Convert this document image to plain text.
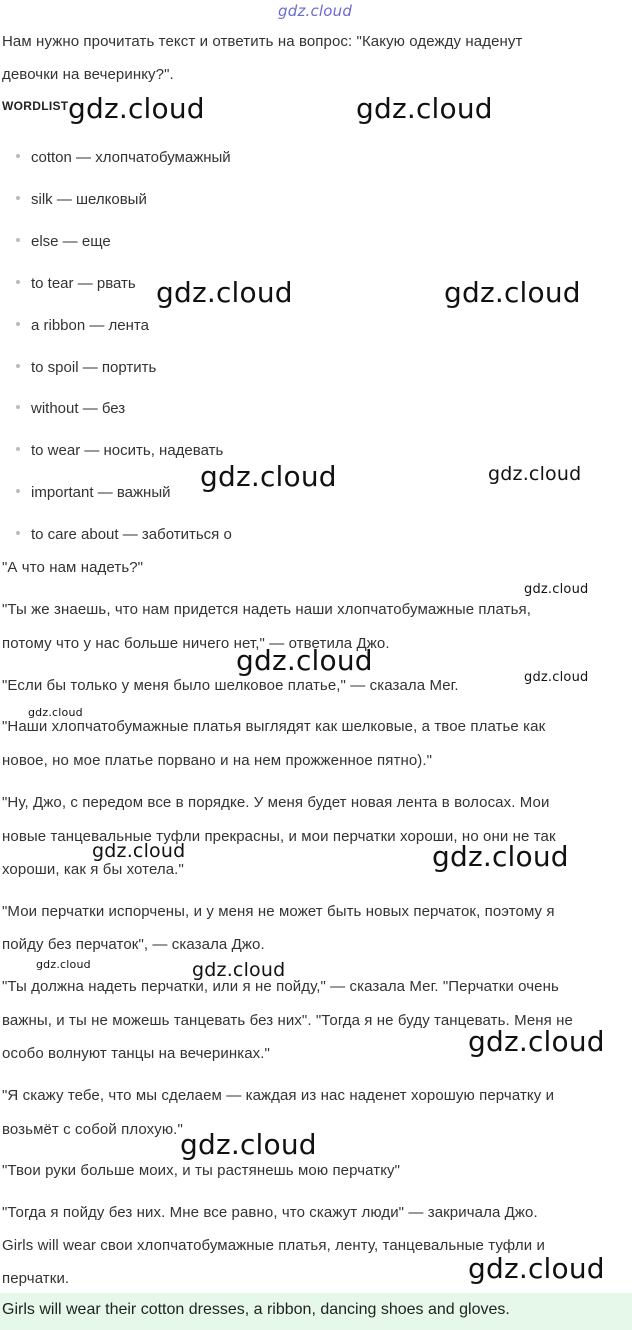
gdz.cloud
Нам нужно прочитать текст и ответить на вопрос: "Какую одежду наденут
девочки на вечеринку?".
WORDLIST
cotton — хлопчатобумажный
silk — шелковый
else — еще
to tear — рвать
a ribbon — лента
to spoil — портить
without — без
to wear — носить, надевать
important — важный
to care about — заботиться о
"А что нам надеть?"
"Ты же знаешь, что нам придется надеть наши хлопчатобумажные платья,
потому что у нас больше ничего нет," — ответила Джо.
"Если бы только у меня было шелковое платье," — сказала Мег.
"Наши хлопчатобумажные платья выглядят как шелковые, а твое платье как
новое, но мое платье порвано и на нем прожженное пятно)."
"Ну, Джо, с передом все в порядке. У меня будет новая лента в волосах. Мои
новые танцевальные туфли прекрасны, и мои перчатки хороши, но они не так
хороши, как я бы хотела."
"Мои перчатки испорчены, и у меня не может быть новых перчаток, поэтому я
пойду без перчаток", — сказала Джо.
"Ты должна надеть перчатки, или я не пойду," — сказала Мег. "Перчатки очень
важны, и ты не можешь танцевать без них". "Тогда я не буду танцевать. Меня не
особо волнуют танцы на вечеринках."
"Я скажу тебе, что мы сделаем — каждая из нас наденет хорошую перчатку и
возьмёт с собой плохую."
"Твои руки больше моих, и ты растянешь мою перчатку"
"Тогда я пойду без них. Мне все равно, что скажут люди" — закричала Джо.
Girls will wear свои хлопчатобумажные платья, ленту, танцевальные туфли и
перчатки.
Girls will wear their cotton dresses, a ribbon, dancing shoes and gloves.
gdz.cloud	gdz.cloud
gdz.cloud	gdz.cloud
gdz.cloud	gdz.cloud
gdz.cloud
gdz.cloud
gdz.cloud
gdz.cloud
gdz.cloud	gdz.cloud
gdz.cloud	gdz.cloud
gdz.cloud
gdz.cloud
gdz.cloud
